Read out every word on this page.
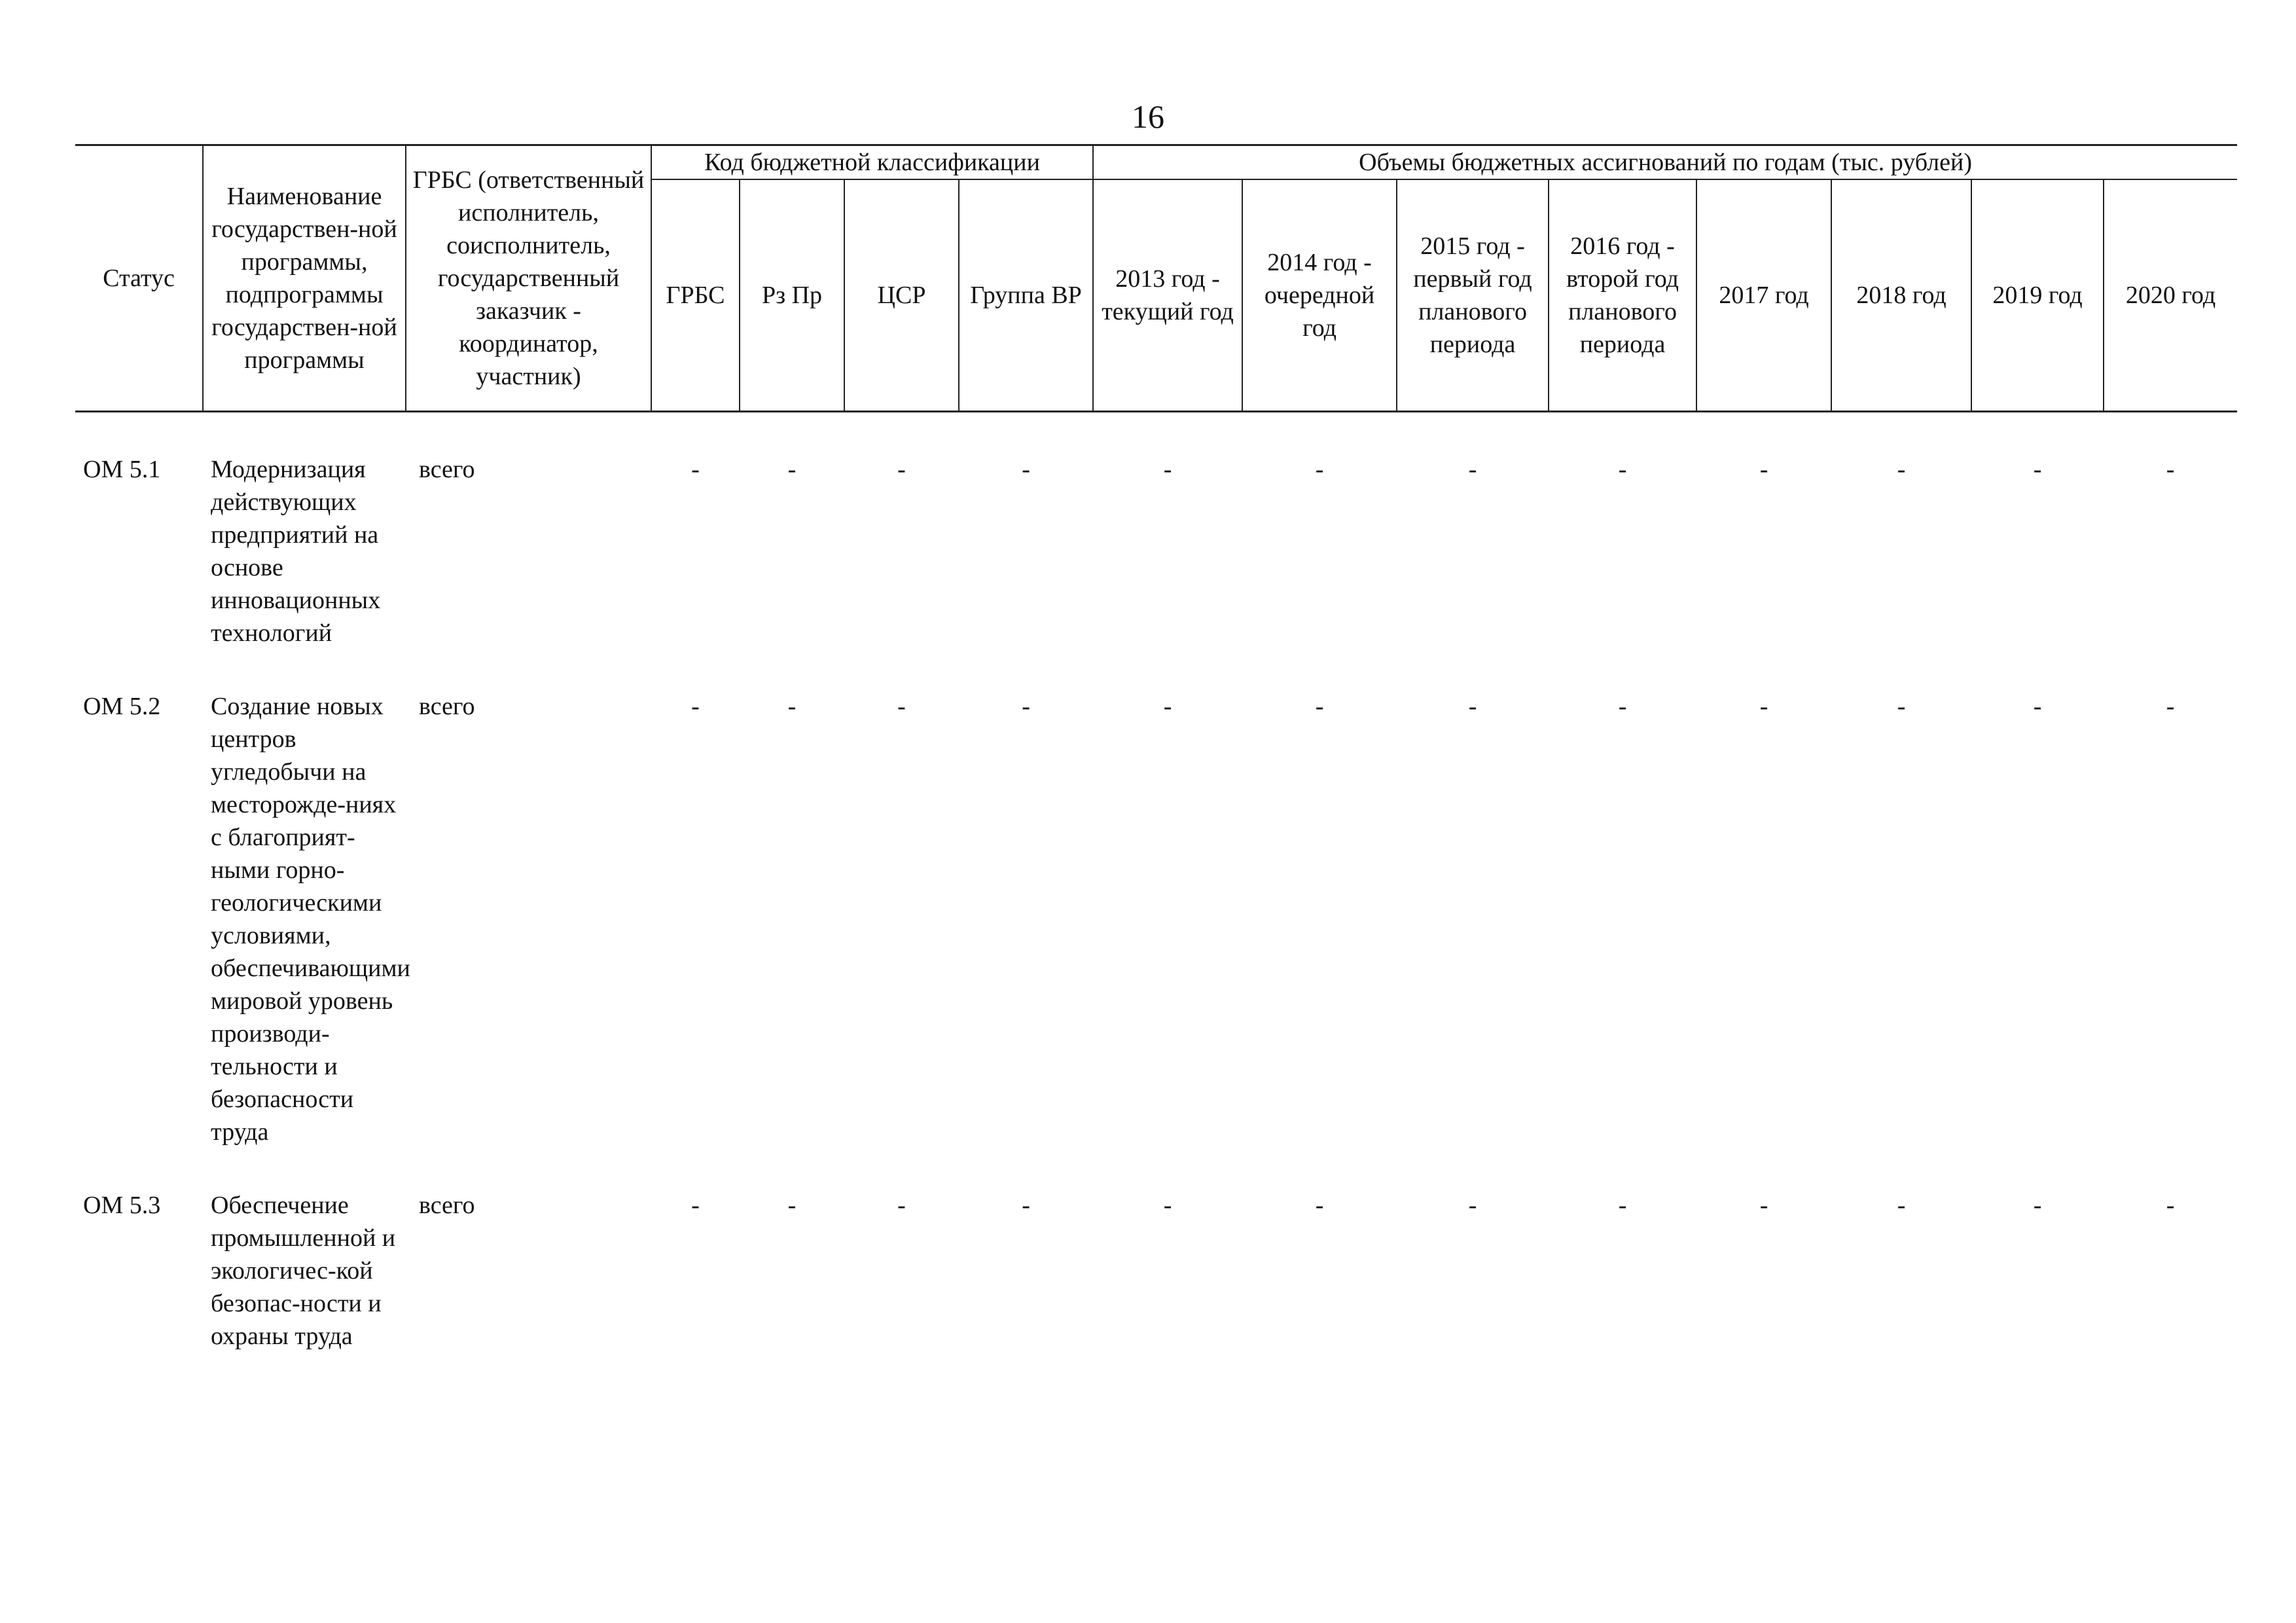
16
Статус	Наименование государствен-ной программы, подпрограммы государствен-ной программы	ГРБС (ответственный исполнитель, соисполнитель, государственный заказчик - координатор, участник)	Код бюджетной классификации				Объемы бюджетных ассигнований по годам (тыс. рублей)							
			ГРБС	Рз Пр	ЦСР	Группа ВР	2013 год - текущий год	2014 год - очередной год	2015 год - первый год планового периода	2016 год - второй год планового периода	2017 год	2018 год	2019 год	2020 год
ОМ 5.1	Модернизация действующих предприятий на основе инновационных технологий	всего	-	-	-	-	-	-	-	-	-	-	-	-

ОМ 5.2	Создание новых центров угледобычи на месторожде-ниях с благоприят-ными горно-геологическими условиями, обеспечивающими мировой уровень производи-тельности и безопасности труда	всего	-	-	-	-	-	-	-	-	-	-	-	-

ОМ 5.3	Обеспечение промышленной и экологичес-кой безопас-ности и охраны труда	всего	-	-	-	-	-	-	-	-	-	-	-	-
